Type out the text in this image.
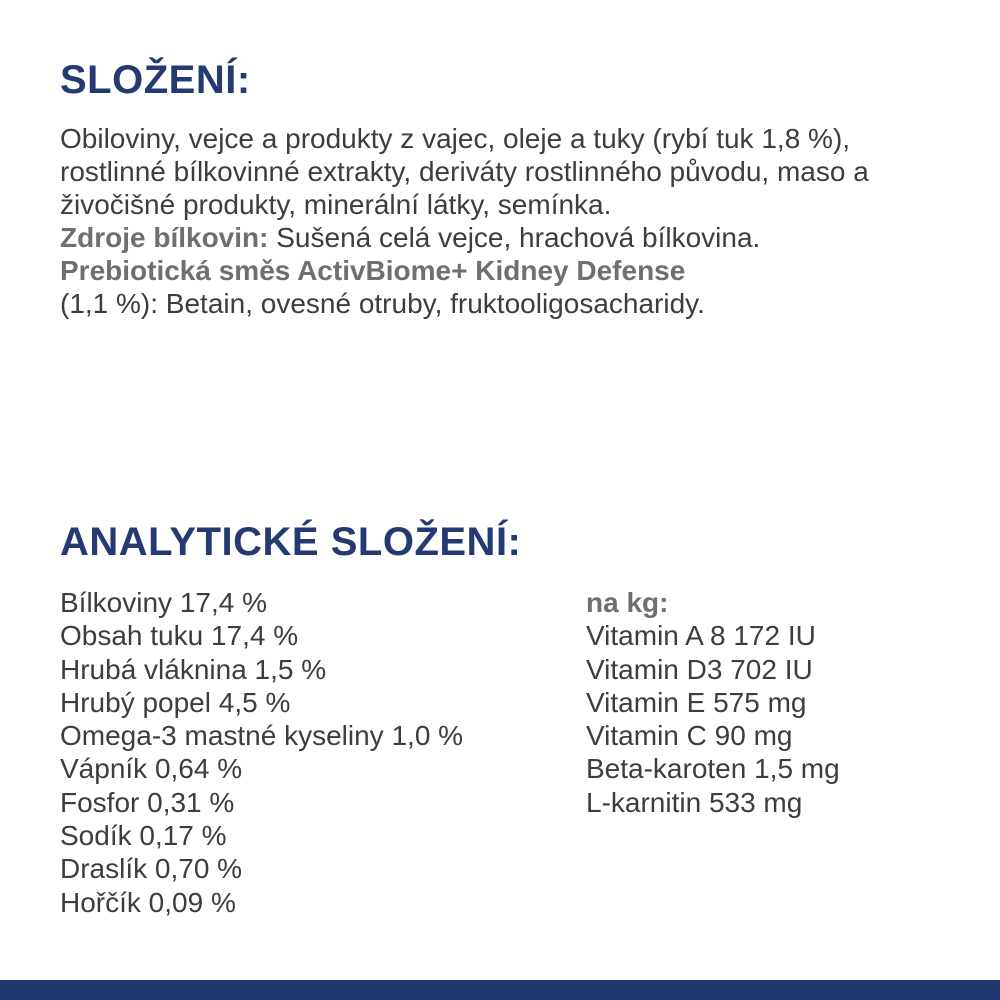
SLOŽENÍ:

Obiloviny, vejce a produkty z vajec, oleje a tuky (rybí tuk 1,8 %), rostlinné bílkovinné extrakty, deriváty rostlinného původu, maso a živočišné produkty, minerální látky, semínka.

Zdroje bílkovin: Sušená celá vejce, hrachová bílkovina.

Prebiotická směs ActivBiome+ Kidney Defense

(1,1 %): Betain, ovesné otruby, fruktooligosacharidy.

ANALYTICKÉ SLOŽENÍ:
Bílkoviny 17,4 %
Obsah tuku 17,4 %
Hrubá vláknina 1,5 %
Hrubý popel 4,5 %
Omega-3 mastné kyseliny 1,0 %
Vápník 0,64 %
Fosfor 0,31 %
Sodík 0,17 %
Draslík 0,70 %
Hořčík 0,09 %
na kg:
Vitamin A 8 172 IU
Vitamin D3 702 IU
Vitamin E 575 mg
Vitamin C 90 mg
Beta-karoten 1,5 mg
L-karnitin 533 mg
